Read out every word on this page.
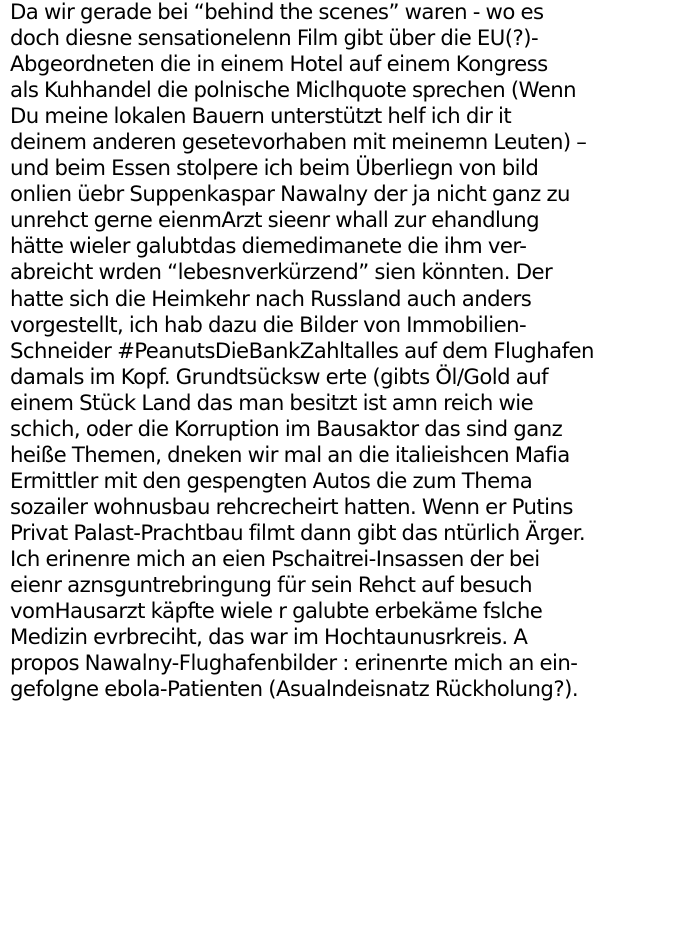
Da wir gerade bei “behind the scenes” waren - wo es
doch diesne sensationelenn Film gibt über die EU(?)-
Abgeordneten die in einem Hotel auf einem Kongress
als Kuhhandel die polnische Miclhquote sprechen (Wenn
Du meine lokalen Bauern unterstützt helf ich dir it
deinem anderen gesetevorhaben mit meinemn Leuten) –
und beim Essen stolpere ich beim Überliegn von bild
onlien üebr Suppenkaspar Nawalny der ja nicht ganz zu
unrehct gerne eienmArzt sieenr whall zur ehandlung
hätte wieler galubtdas diemedimanete die ihm ver-
abreicht wrden “lebesnverkürzend” sien könnten. Der
hatte sich die Heimkehr nach Russland auch anders
vorgestellt, ich hab dazu die Bilder von Immobilien-
Schneider #PeanutsDieBankZahltalles auf dem Flughafen
damals im Kopf. Grundtsücksw erte (gibts Öl/Gold auf
einem Stück Land das man besitzt ist amn reich wie
schich, oder die Korruption im Bausaktor das sind ganz
heiße Themen, dneken wir mal an die italieishcen Mafia
Ermittler mit den gespengten Autos die zum Thema
sozailer wohnusbau rehcrecheirt hatten. Wenn er Putins
Privat Palast-Prachtbau filmt dann gibt das ntürlich Ärger.
Ich erinenre mich an eien Pschaitrei-Insassen der bei
eienr aznsguntrebringung für sein Rehct auf besuch
vomHausarzt käpfte wiele r galubte erbekäme fslche
Medizin evrbreciht, das war im Hochtaunusrkreis. A
propos Nawalny-Flughafenbilder : erinenrte mich an ein-
gefolgne ebola-Patienten (Asualndeisnatz Rückholung?).
